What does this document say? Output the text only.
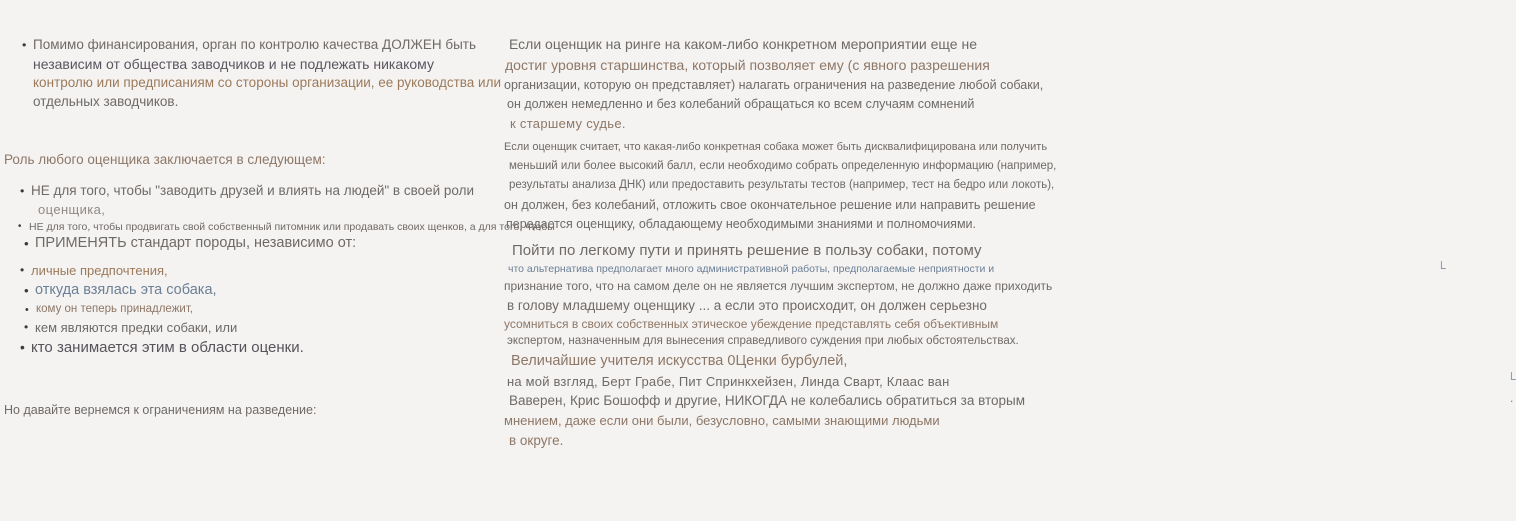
• Помимо финансирования, орган по контролю качества ДОЛЖЕН быть
независим от общества заводчиков и не подлежать никакому
контролю или предписаниям со стороны организации, ее руководства или
отдельных заводчиков.
Роль любого оценщика заключается в следующем:
• НЕ для того, чтобы "заводить друзей и влиять на людей" в своей роли
оценщика,
• НЕ для того, чтобы продвигать свой собственный питомник или продавать своих щенков, а для того, чтобы
• ПРИМЕНЯТЬ стандарт породы, независимо от:
• личные предпочтения,
• откуда взялась эта собака,
• кому он теперь принадлежит,
• кем являются предки собаки, или
• кто занимается этим в области оценки.
Но давайте вернемся к ограничениям на разведение:
Если оценщик на ринге на каком-либо конкретном мероприятии еще не
достиг уровня старшинства, который позволяет ему (с явного разрешения
организации, которую он представляет) налагать ограничения на разведение любой собаки,
он должен немедленно и без колебаний обращаться ко всем случаям сомнений
к старшему судье.
Если оценщик считает, что какая-либо конкретная собака может быть дисквалифицирована или получить
меньший или более высокий балл, если необходимо собрать определенную информацию (например,
результаты анализа ДНК) или предоставить результаты тестов (например, тест на бедро или локоть),
он должен, без колебаний, отложить свое окончательное решение или направить решение
передается оценщику, обладающему необходимыми знаниями и полномочиями.
Пойти по легкому пути и принять решение в пользу собаки, потому
что альтернатива предполагает много административной работы, предполагаемые неприятности и	└
признание того, что на самом деле он не является лучшим экспертом, не должно даже приходить
в голову младшему оценщику ... а если это происходит, он должен серьезно
усомниться в своих собственных этическое убеждение представлять себя объективным
экспертом, назначенным для вынесения справедливого суждения при любых обстоятельствах.
Величайшие учителя искусства 0Ценки бурбулей,
на мой взгляд, Берт Грабе, Пит Спринкхейзен, Линда Сварт, Клаас ван	└
Ваверен, Крис Бошофф и другие, НИКОГДА не колебались обратиться за вторым	.
мнением, даже если они были, безусловно, самыми знающими людьми
в округе.
